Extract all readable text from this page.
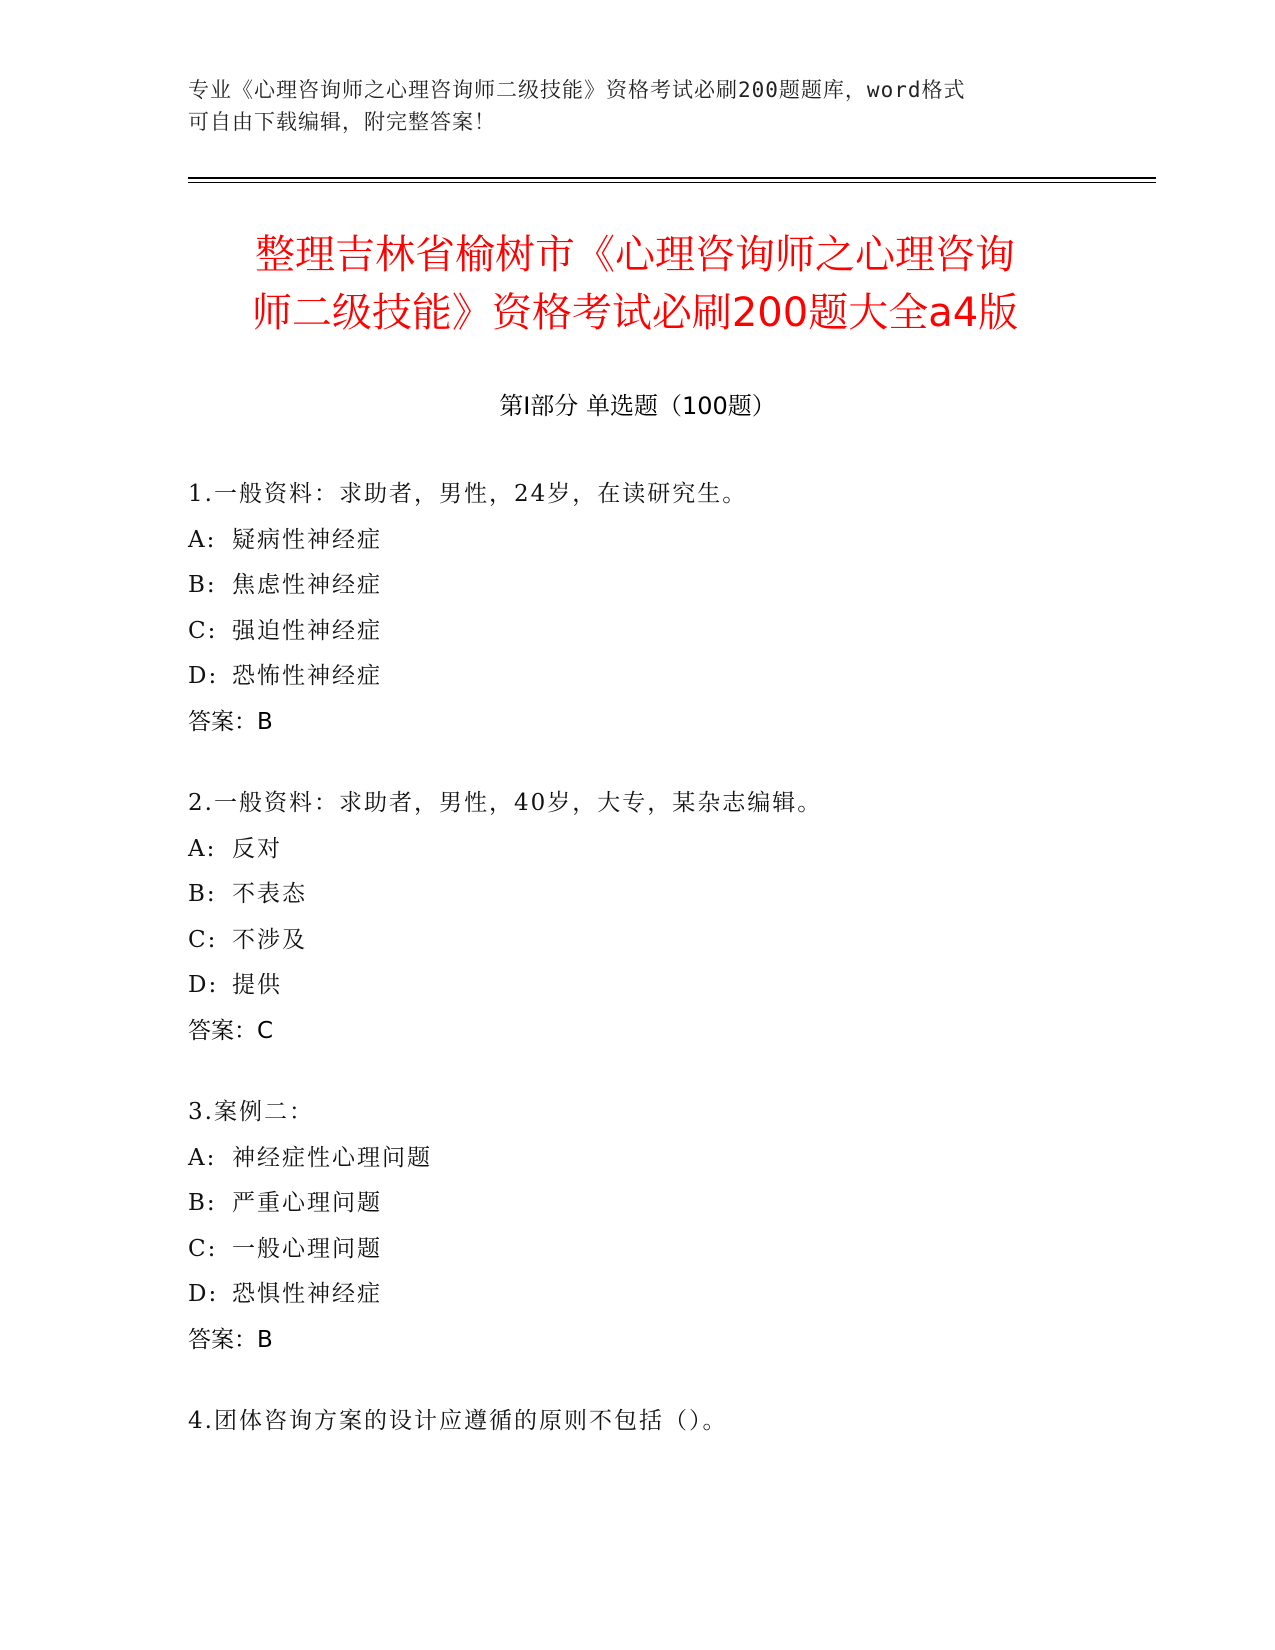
专业《心理咨询师之心理咨询师二级技能》资格考试必刷200题题库，word格式
可自由下载编辑，附完整答案！
整理吉林省榆树市《心理咨询师之心理咨询
师二级技能》资格考试必刷200题大全a4版
第Ⅰ部分 单选题（100题）
1.一般资料：求助者，男性，24岁，在读研究生。
A: 疑病性神经症
B: 焦虑性神经症
C: 强迫性神经症
D: 恐怖性神经症
答案：B
2.一般资料：求助者，男性，40岁，大专，某杂志编辑。
A: 反对
B: 不表态
C: 不涉及
D: 提供
答案：C
3.案例二：
A: 神经症性心理问题
B: 严重心理问题
C: 一般心理问题
D: 恐惧性神经症
答案：B
4.团体咨询方案的设计应遵循的原则不包括（）。
